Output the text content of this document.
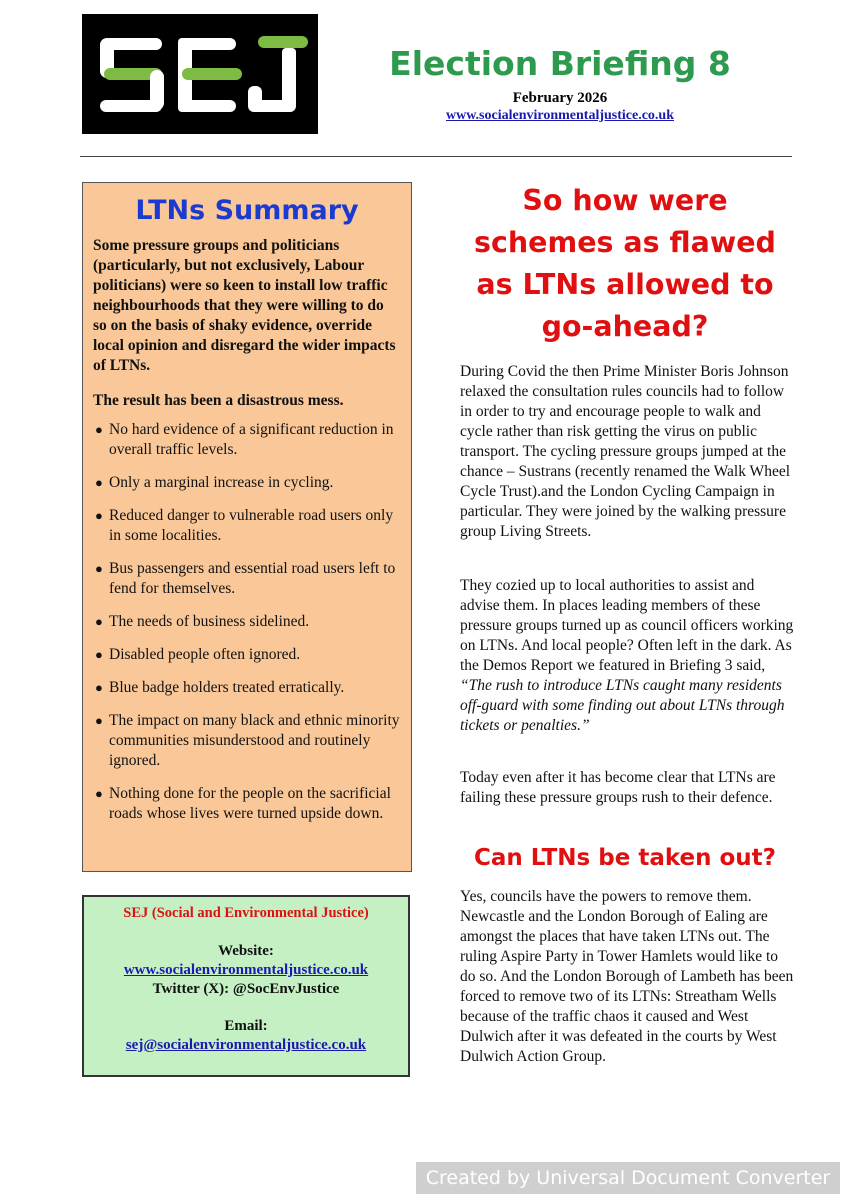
Election Briefing 8
February 2026
www.socialenvironmentaljustice.co.uk
LTNs Summary

Some pressure groups and politicians (particularly, but not exclusively, Labour politicians) were so keen to install low traffic neighbourhoods that they were willing to do so on the basis of shaky evidence, override local opinion and disregard the wider impacts of LTNs.

The result has been a disastrous mess.

● No hard evidence of a significant reduction in overall traffic levels.
● Only a marginal increase in cycling.
● Reduced danger to vulnerable road users only in some localities.
● Bus passengers and essential road users left to fend for themselves.
● The needs of business sidelined.
● Disabled people often ignored.
● Blue badge holders treated erratically.
● The impact on many black and ethnic minority communities misunderstood and routinely ignored.
● Nothing done for the people on the sacrificial roads whose lives were turned upside down.

SEJ (Social and Environmental Justice)

Website:

www.socialenvironmentaljustice.co.uk

Twitter (X): @SocEnvJustice

Email:

sej@socialenvironmentaljustice.co.uk

So how were schemes as flawed as LTNs allowed to go-ahead?

During Covid the then Prime Minister Boris Johnson relaxed the consultation rules councils had to follow in order to try and encourage people to walk and cycle rather than risk getting the virus on public transport. The cycling pressure groups jumped at the chance – Sustrans (recently renamed the Walk Wheel Cycle Trust).and the London Cycling Campaign in particular. They were joined by the walking pressure group Living Streets.

They cozied up to local authorities to assist and advise them. In places leading members of these pressure groups turned up as council officers working on LTNs. And local people? Often left in the dark. As the Demos Report we featured in Briefing 3 said, “The rush to introduce LTNs caught many residents off-guard with some finding out about LTNs through tickets or penalties.”

Today even after it has become clear that LTNs are failing these pressure groups rush to their defence.

Can LTNs be taken out?

Yes, councils have the powers to remove them. Newcastle and the London Borough of Ealing are amongst the places that have taken LTNs out. The ruling Aspire Party in Tower Hamlets would like to do so. And the London Borough of Lambeth has been forced to remove two of its LTNs: Streatham Wells because of the traffic chaos it caused and West Dulwich after it was defeated in the courts by West Dulwich Action Group.

Created by Universal Document Converter
